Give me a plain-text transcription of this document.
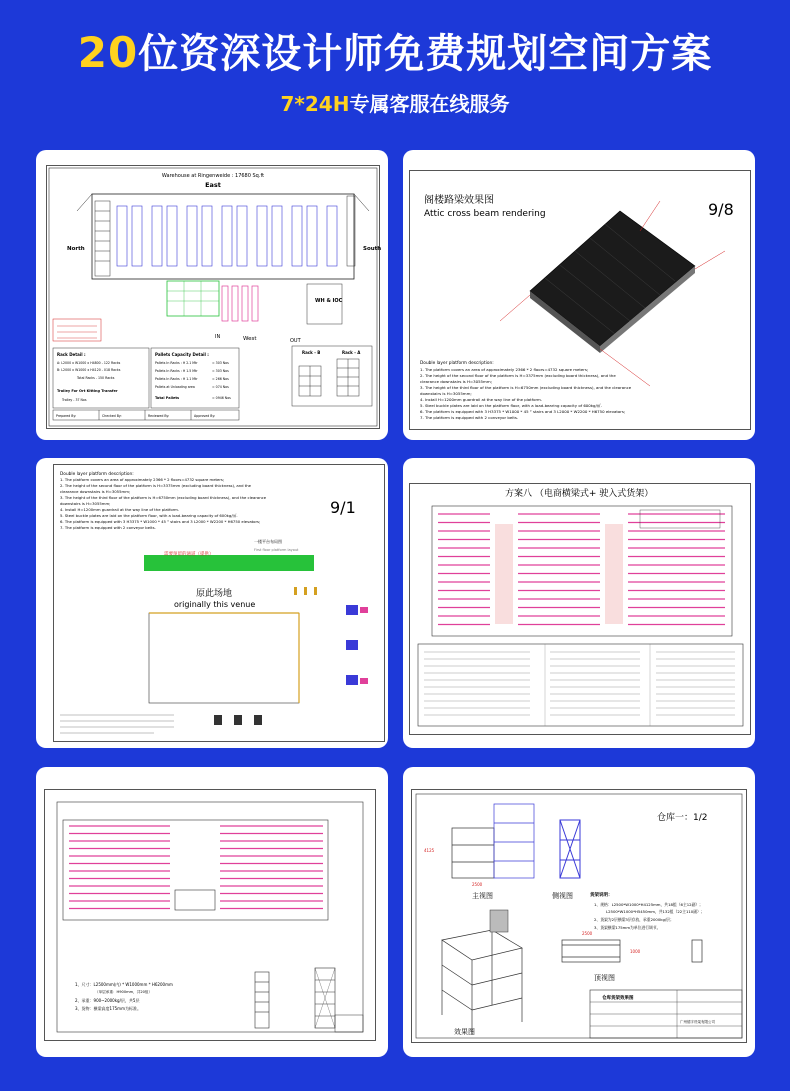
20位资深设计师免费规划空间方案
7*24H专属客服在线服务
Warehouse at Ringenweide : 17680 Sq.ft
East
North	South
WH & IOC
IN	West	OUT
Rack Detail :
A: L2000 x W1000 x H4800 - 122 Racks
B: L2000 x W1000 x H4120 - 018 Racks
Total Racks - 150 Racks
Trolley For Ort Kitting Transfer
Trolley - 37 Nos
Pallets Capacity Detail :
Pallets In Racks : H 2.1 Mtr	= 303 Nos
Pallets In Racks : H 1.5 Mtr	= 303 Nos
Pallets In Racks : H 1.1 Mtr	= 266 Nos
Pallets at Unloading area	= 074 Nos
Total Pallets	= 0946 Nos
Rack - B	Rack - A
Prepared By:	Checked By:	Reviewed By:	Approved By:
阁楼路梁效果图
Attic cross beam rendering	9/8
Double layer platform description:
1. The platform covers an area of approximately 2366 * 2 floors=4732 square meters;
2. The height of the second floor of the platform is H=3375mm (excluding board thickness), and the
clearance downstairs is H=3055mm;
3. The height of the third floor of the platform is H=6750mm (excluding board thickness), and the clearance
downstairs is H=3055mm;
4. Install H=1200mm guardrail at the way line of the platform.
5. Steel buckle plates are laid on the platform floor, with a load-bearing capacity of 600kg/㎡.
6. The platform is equipped with 3 H3375 * W1000 * 45 ° stairs and 3 L2000 * W2200 * H6750 elevators;
7. The platform is equipped with 2 conveyor belts.
Double layer platform description:
1. The platform covers an area of approximately 2366 * 2 floors=4732 square meters;
2. The height of the second floor of the platform is H=3375mm (excluding board thickness), and the
clearance downstairs is H=3055mm;
3. The height of the third floor of the platform is H=6750mm (excluding board thickness), and the clearance
downstairs is H=3055mm;
4. Install H=1200mm guardrail at the way line of the platform.
5. Steel buckle plates are laid on the platform floor, with a load-bearing capacity of 600kg/㎡.
6. The platform is equipped with 3 H3375 * W1000 * 45 ° stairs and 3 L2000 * W2200 * H6750 elevators;
7. The platform is equipped with 2 conveyor belts.
9/1
一楼平台布局图
First floor platform layout
需要预留的通道（提供）
原此场地
originally this venue
方案八 （电商横梁式+ 驶入式货架）
1、尺寸：L2500mm(内) * W1000mm * H6200mm
（单层承重：H900mm，共20组）
2、承重：900~2000kg/层，共5层
3、货物：横梁高度175mm为标准。
仓库一：1/2
4125
2500
主视图	侧视图	货架说明：
1、规格：L2500*W1000*H4125mm，共18组（6主12副）；
L2500*W1000*H5450mm，共132组（22主110副）；
2、货架为2层横梁3层存放，承重2000kg/层；
3、货架横梁175mm为单位进行调节。
2500
1000
顶视图
效果图
仓库货架效果图
广州德宇货架有限公司
